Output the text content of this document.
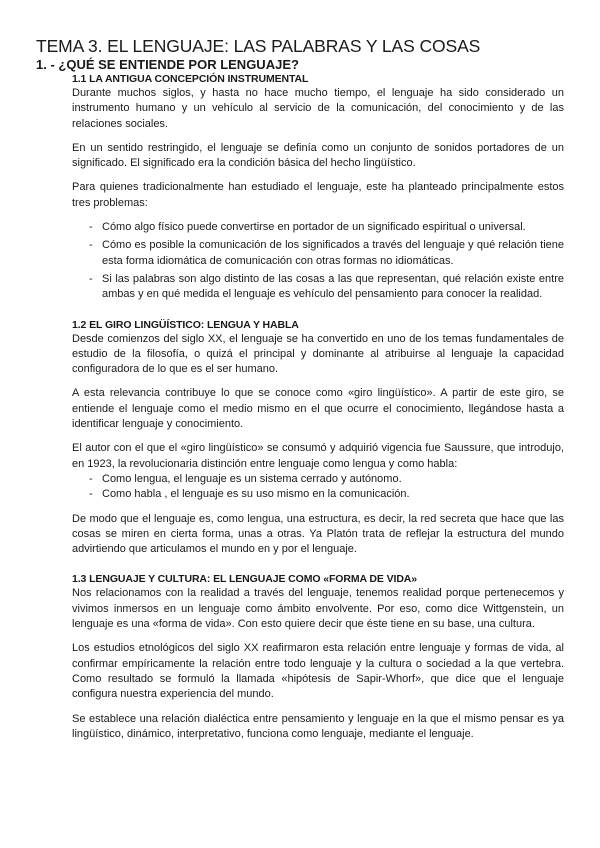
TEMA 3. EL LENGUAJE: LAS PALABRAS Y LAS COSAS
1. - ¿QUÉ SE ENTIENDE POR LENGUAJE?
1.1 LA ANTIGUA CONCEPCIÓN INSTRUMENTAL

Durante muchos siglos, y hasta no hace mucho tiempo, el lenguaje ha sido considerado un instrumento humano y un vehículo al servicio de la comunicación, del conocimiento y de las relaciones sociales.

En un sentido restringido, el lenguaje se definía como un conjunto de sonidos portadores de un significado. El significado era la condición básica del hecho lingüístico.

Para quienes tradicionalmente han estudiado el lenguaje, este ha planteado principalmente estos tres problemas:

- Cómo algo físico puede convertirse en portador de un significado espiritual o universal.
- Cómo es posible la comunicación de los significados a través del lenguaje y qué relación tiene esta forma idiomática de comunicación con otras formas no idiomáticas.
- Si las palabras son algo distinto de las cosas a las que representan, qué relación existe entre ambas y en qué medida el lenguaje es vehículo del pensamiento para conocer la realidad.
1.2 EL GIRO LINGÜÍSTICO: LENGUA Y HABLA

Desde comienzos del siglo XX, el lenguaje se ha convertido en uno de los temas fundamentales de estudio de la filosofía, o quizá el principal y dominante al atribuirse al lenguaje la capacidad configuradora de lo que es el ser humano.

A esta relevancia contribuye lo que se conoce como «giro lingüístico». A partir de este giro, se entiende el lenguaje como el medio mismo en el que ocurre el conocimiento, llegándose hasta a identificar lenguaje y conocimiento.

El autor con el que el «giro lingüístico» se consumó y adquirió vigencia fue Saussure, que introdujo, en 1923, la revolucionaria distinción entre lenguaje como lengua y como habla:

- Como lengua, el lenguaje es un sistema cerrado y autónomo.
- Como habla , el lenguaje es su uso mismo en la comunicación.

De modo que el lenguaje es, como lengua, una estructura, es decir, la red secreta que hace que las cosas se miren en cierta forma, unas a otras. Ya Platón trata de reflejar la estructura del mundo advirtiendo que articulamos el mundo en y por el lenguaje.

1.3 LENGUAJE Y CULTURA: EL LENGUAJE COMO «FORMA DE VIDA»

Nos relacionamos con la realidad a través del lenguaje, tenemos realidad porque pertenecemos y vivimos inmersos en un lenguaje como ámbito envolvente. Por eso, como dice Wittgenstein, un lenguaje es una «forma de vida». Con esto quiere decir que éste tiene en su base, una cultura.

Los estudios etnológicos del siglo XX reafirmaron esta relación entre lenguaje y formas de vida, al confirmar empíricamente la relación entre todo lenguaje y la cultura o sociedad a la que vertebra. Como resultado se formuló la llamada «hipótesis de Sapir-Whorf», que dice que el lenguaje configura nuestra experiencia del mundo.

Se establece una relación dialéctica entre pensamiento y lenguaje en la que el mismo pensar es ya lingüístico, dinámico, interpretativo, funciona como lenguaje, mediante el lenguaje.
